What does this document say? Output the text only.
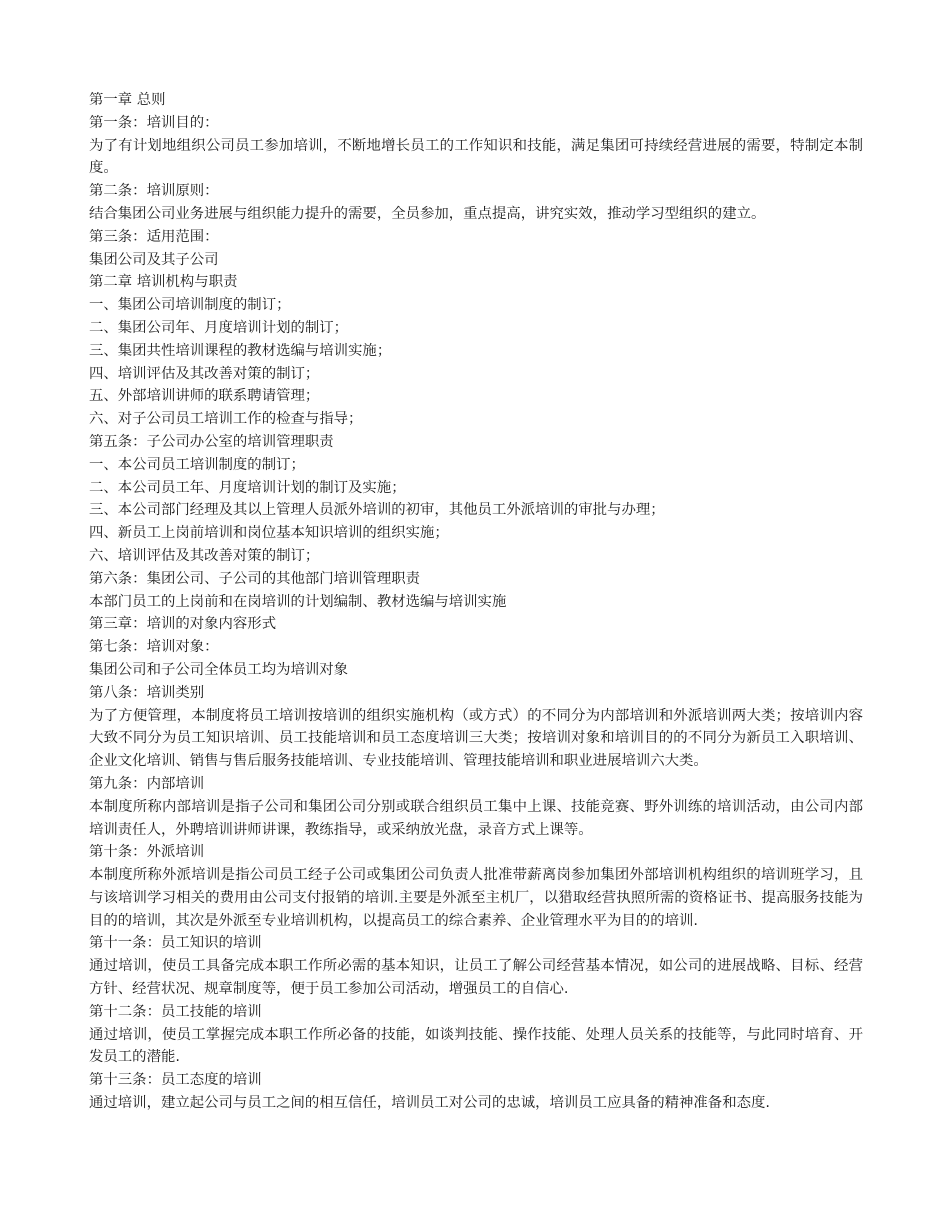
第一章 总则

第一条：培训目的：

为了有计划地组织公司员工参加培训，不断地增长员工的工作知识和技能，满足集团可持续经营进展的需要，特制定本制度。

第二条：培训原则：

结合集团公司业务进展与组织能力提升的需要，全员参加，重点提高，讲究实效，推动学习型组织的建立。

第三条：适用范围：

集团公司及其子公司

第二章 培训机构与职责

一、集团公司培训制度的制订；

二、集团公司年、月度培训计划的制订；

三、集团共性培训课程的教材选编与培训实施；

四、培训评估及其改善对策的制订；

五、外部培训讲师的联系聘请管理；

六、对子公司员工培训工作的检查与指导；

第五条：子公司办公室的培训管理职责

一、本公司员工培训制度的制订；

二、本公司员工年、月度培训计划的制订及实施；

三、本公司部门经理及其以上管理人员派外培训的初审，其他员工外派培训的审批与办理；

四、新员工上岗前培训和岗位基本知识培训的组织实施；

六、培训评估及其改善对策的制订；

第六条：集团公司、子公司的其他部门培训管理职责

本部门员工的上岗前和在岗培训的计划编制、教材选编与培训实施

第三章：培训的对象内容形式

第七条：培训对象：

集团公司和子公司全体员工均为培训对象

第八条：培训类别

为了方便管理，本制度将员工培训按培训的组织实施机构（或方式）的不同分为内部培训和外派培训两大类；按培训内容大致不同分为员工知识培训、员工技能培训和员工态度培训三大类；按培训对象和培训目的的不同分为新员工入职培训、企业文化培训、销售与售后服务技能培训、专业技能培训、管理技能培训和职业进展培训六大类。

第九条：内部培训

本制度所称内部培训是指子公司和集团公司分别或联合组织员工集中上课、技能竞赛、野外训练的培训活动，由公司内部培训责任人，外聘培训讲师讲课，教练指导，或采纳放光盘，录音方式上课等。

第十条：外派培训

本制度所称外派培训是指公司员工经子公司或集团公司负责人批准带薪离岗参加集团外部培训机构组织的培训班学习，且与该培训学习相关的费用由公司支付报销的培训.主要是外派至主机厂，以猎取经营执照所需的资格证书、提高服务技能为目的的培训，其次是外派至专业培训机构，以提高员工的综合素养、企业管理水平为目的的培训.

第十一条：员工知识的培训

通过培训，使员工具备完成本职工作所必需的基本知识，让员工了解公司经营基本情况，如公司的进展战略、目标、经营方针、经营状况、规章制度等，便于员工参加公司活动，增强员工的自信心.

第十二条：员工技能的培训

通过培训，使员工掌握完成本职工作所必备的技能，如谈判技能、操作技能、处理人员关系的技能等，与此同时培育、开发员工的潜能.

第十三条：员工态度的培训

通过培训，建立起公司与员工之间的相互信任，培训员工对公司的忠诚，培训员工应具备的精神准备和态度.
